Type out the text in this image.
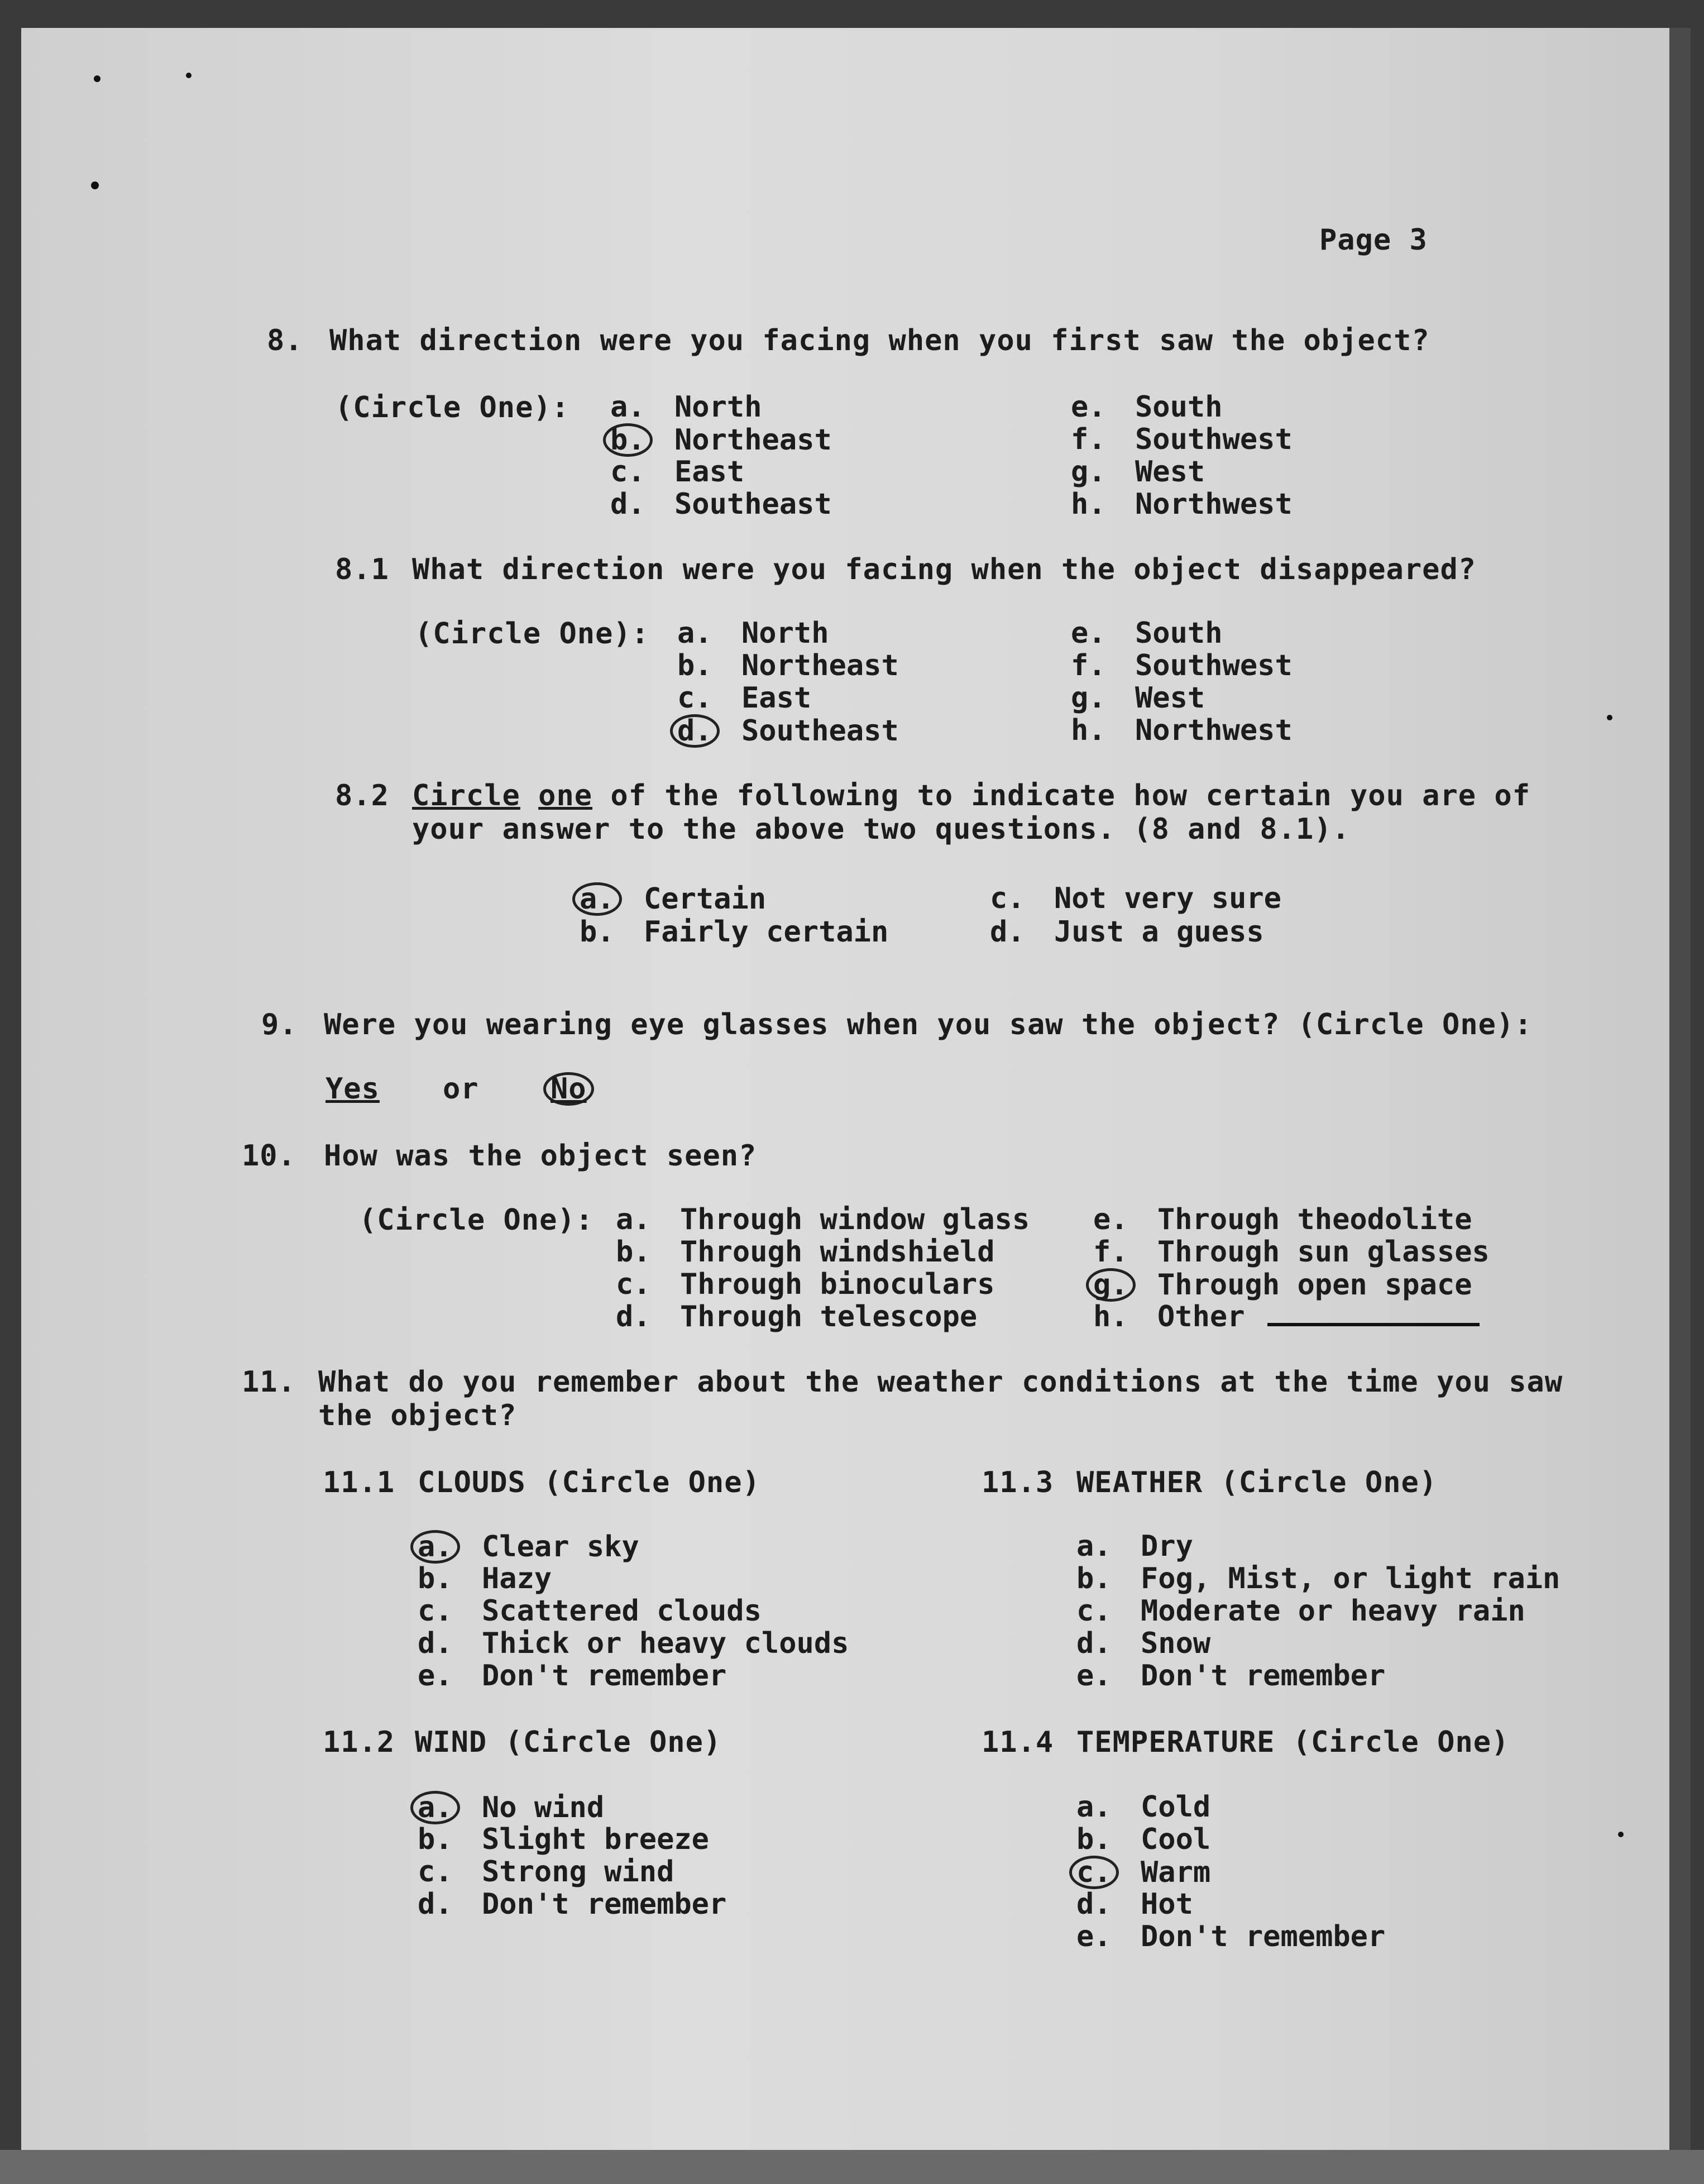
Page 3
8. What direction were you facing when you first saw the object?
(Circle One): a. North
b. Northeast
c. East
d. Southeast
e. South
f. Southwest
g. West
h. Northwest
8.1 What direction were you facing when the object disappeared?
(Circle One): a. North
b. Northeast
c. East
d. Southeast
e. South
f. Southwest
g. West
h. Northwest
8.2 Circle one of the following to indicate how certain you are of
your answer to the above two questions. (8 and 8.1).
a. Certain
b. Fairly certain
c. Not very sure
d. Just a guess
9. Were you wearing eye glasses when you saw the object? (Circle One):
Yes or No
10. How was the object seen?
(Circle One): a. Through window glass
b. Through windshield
c. Through binoculars
d. Through telescope
e. Through theodolite
f. Through sun glasses
g. Through open space
h. Other
11. What do you remember about the weather conditions at the time you saw
the object?
11.1 CLOUDS (Circle One)
a. Clear sky
b. Hazy
c. Scattered clouds
d. Thick or heavy clouds
e. Don't remember
11.3 WEATHER (Circle One)
a. Dry
b. Fog, Mist, or light rain
c. Moderate or heavy rain
d. Snow
e. Don't remember
11.2 WIND (Circle One)
a. No wind
b. Slight breeze
c. Strong wind
d. Don't remember
11.4 TEMPERATURE (Circle One)
a. Cold
b. Cool
c. Warm
d. Hot
e. Don't remember
